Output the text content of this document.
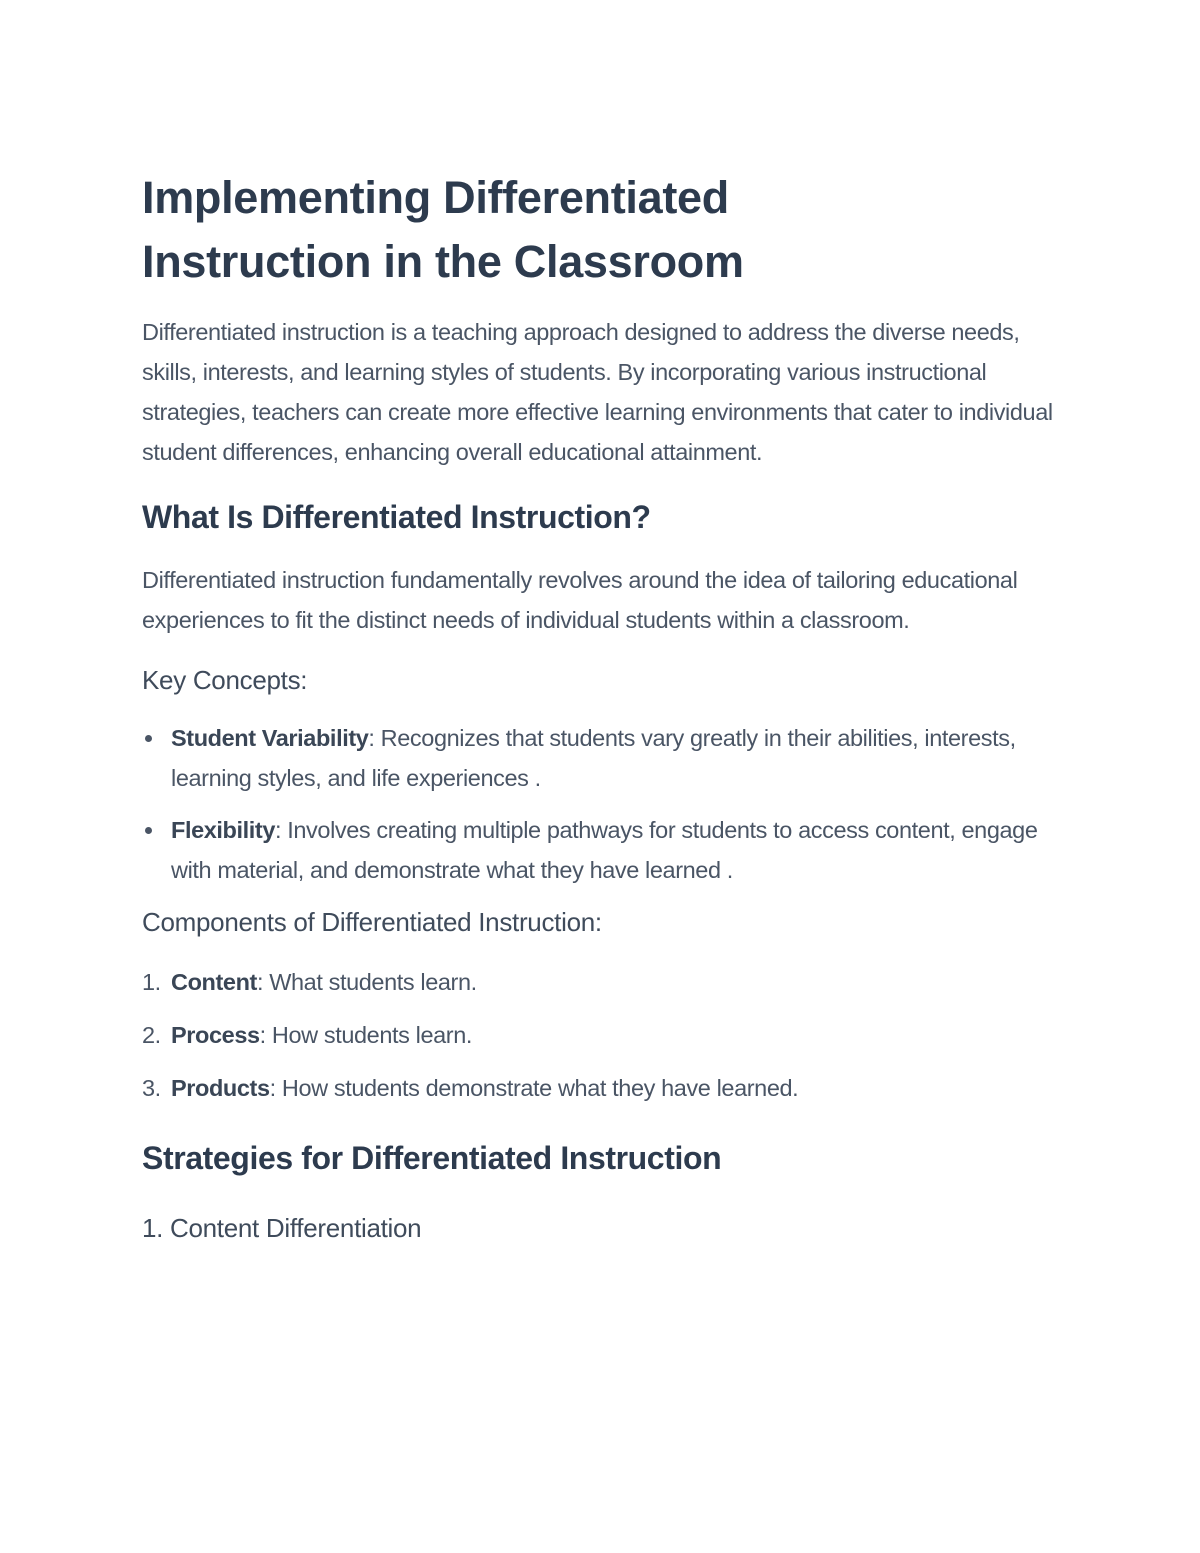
Implementing Differentiated
Instruction in the Classroom

Differentiated instruction is a teaching approach designed to address the diverse needs, skills, interests, and learning styles of students. By incorporating various instructional strategies, teachers can create more effective learning environments that cater to individual student differences, enhancing overall educational attainment.

What Is Differentiated Instruction?

Differentiated instruction fundamentally revolves around the idea of tailoring educational experiences to fit the distinct needs of individual students within a classroom.

Key Concepts:
Student Variability: Recognizes that students vary greatly in their abilities, interests, learning styles, and life experiences .
Flexibility: Involves creating multiple pathways for students to access content, engage with material, and demonstrate what they have learned .
Components of Differentiated Instruction:
1. Content: What students learn.
2. Process: How students learn.
3. Products: How students demonstrate what they have learned.
Strategies for Differentiated Instruction
1. Content Differentiation
